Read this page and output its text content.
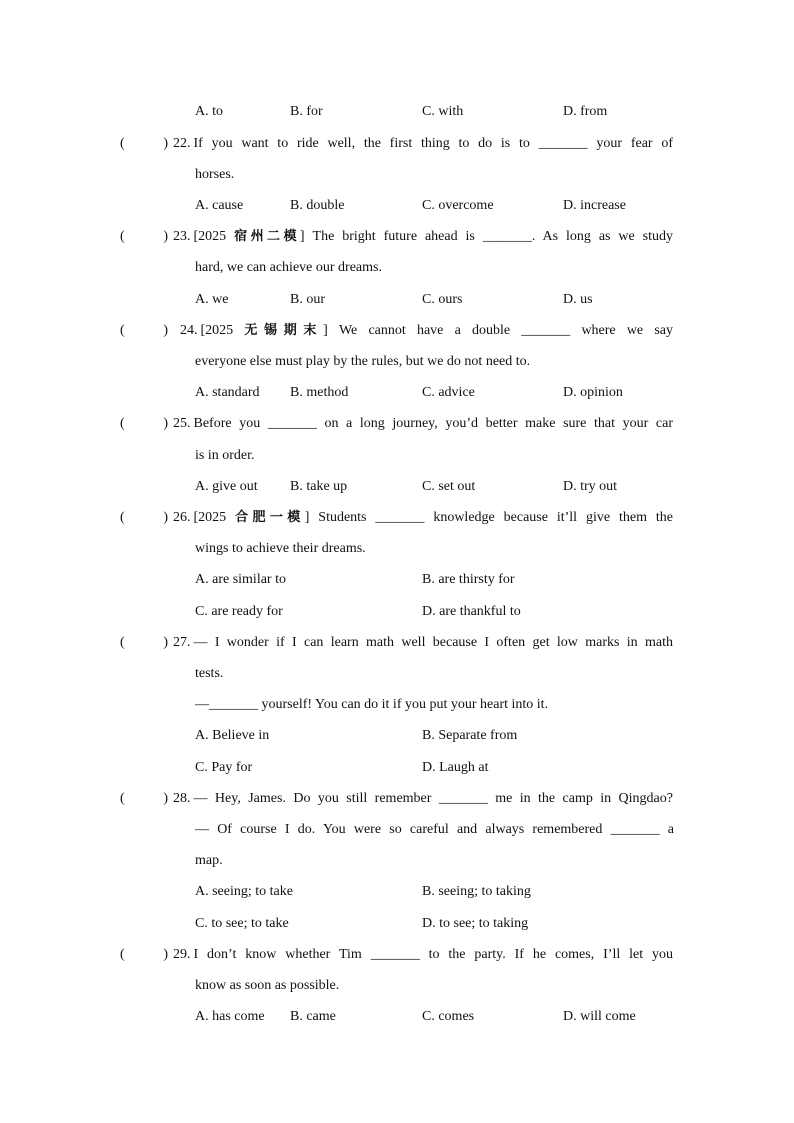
A. to	B. for	C. with	D. from
(	) 22. If you want to ride well, the first thing to do is to _______ your fear of
horses.
A. cause	B. double	C. overcome	D. increase
(	) 23. [2025 宿州二模] The bright future ahead is _______. As long as we study
hard, we can achieve our dreams.
A. we	B. our	C. ours	D. us
(	) 24. [2025 无锡期末] We cannot have a double _______ where we say
everyone else must play by the rules, but we do not need to.
A. standard B. method	C. advice	D. opinion
(	) 25. Before you _______ on a long journey, you’d better make sure that your car
is in order.
A. give out B. take up	C. set out	D. try out
(	) 26. [2025 合肥一模] Students _______ knowledge because it’ll give them the
wings to achieve their dreams.
A. are similar to	B. are thirsty for
C. are ready for	D. are thankful to
(	) 27. — I wonder if I can learn math well because I often get low marks in math
tests.
—_______ yourself! You can do it if you put your heart into it.
A. Believe in	B. Separate from
C. Pay for	D. Laugh at
(	) 28. — Hey, James. Do you still remember _______ me in the camp in Qingdao?
— Of course I do. You were so careful and always remembered _______ a
map.
A. seeing; to take	B. seeing; to taking
C. to see; to take	D. to see; to taking
(	) 29. I don’t know whether Tim _______ to the party. If he comes, I’ll let you
know as soon as possible.
A. has come B. came	C. comes	D. will come
